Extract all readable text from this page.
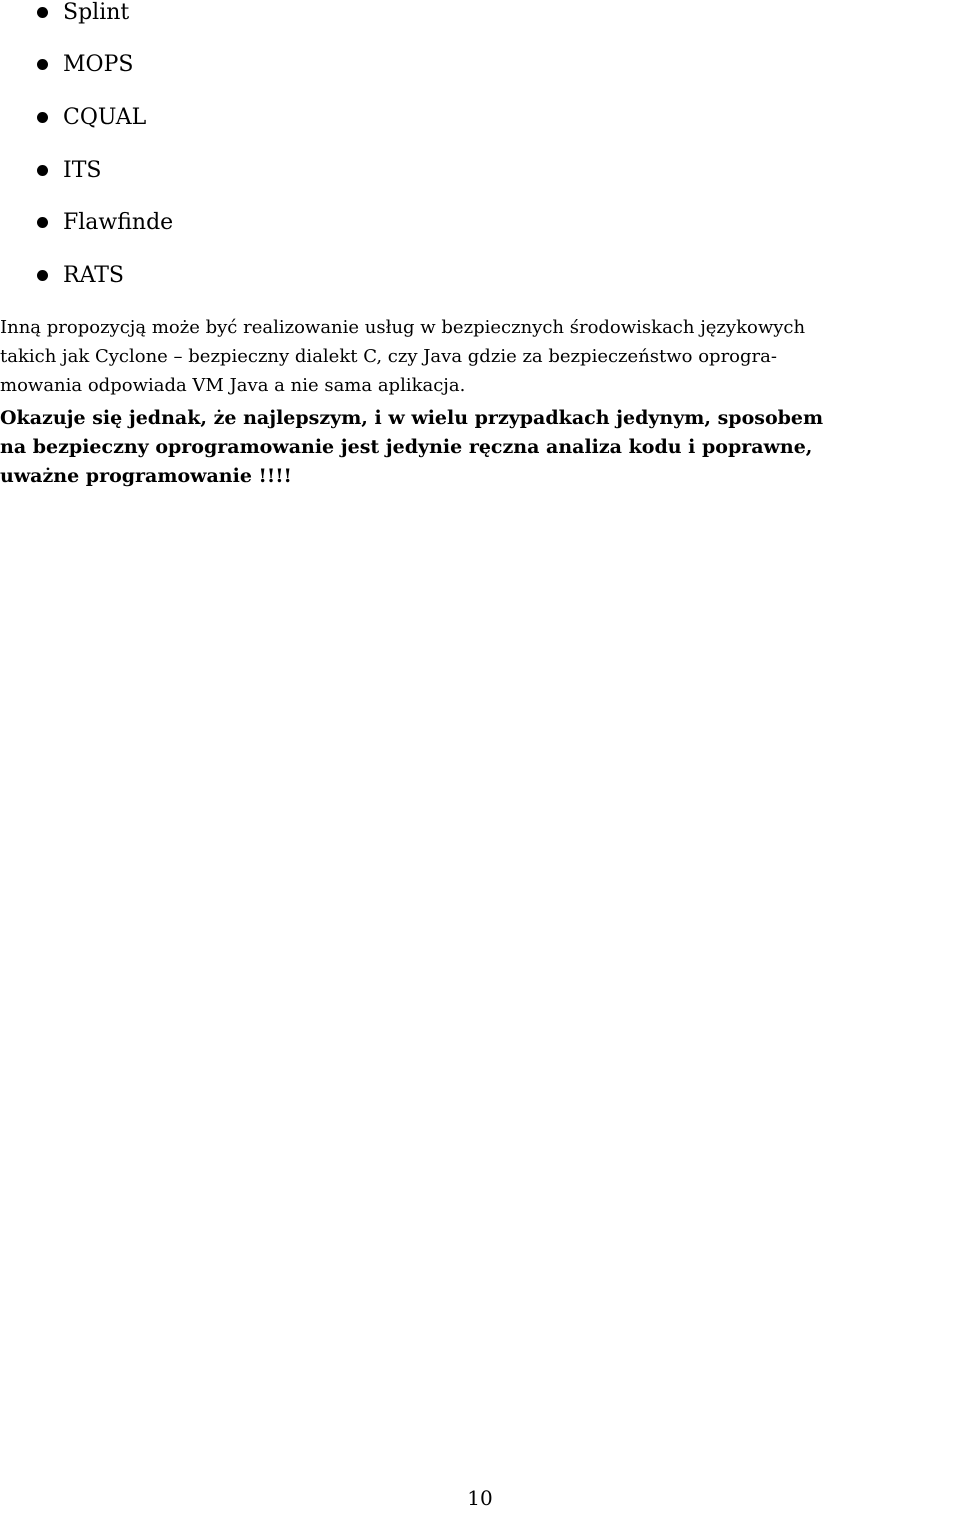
Splint
MOPS
CQUAL
ITS
Flawfinde
RATS

Inną propozycją może być realizowanie usług w bezpiecznych środowiskach językowych
takich jak Cyclone – bezpieczny dialekt C, czy Java gdzie za bezpieczeństwo oprogra-
mowania odpowiada VM Java a nie sama aplikacja.

Okazuje się jednak, że najlepszym, i w wielu przypadkach jedynym, sposobem
na bezpieczny oprogramowanie jest jedynie ręczna analiza kodu i poprawne,
uważne programowanie !!!!

10
